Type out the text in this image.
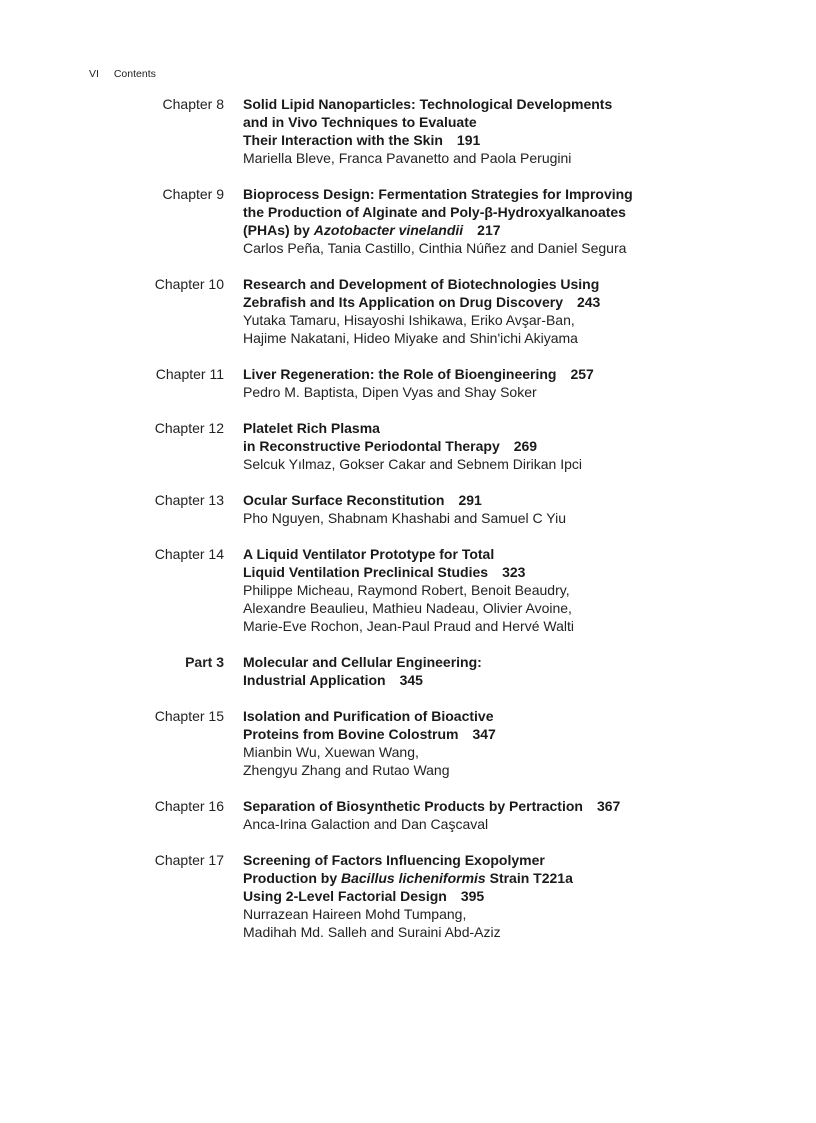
VI Contents
Chapter 8	Solid Lipid Nanoparticles: Technological Developments
and in Vivo Techniques to Evaluate
Their Interaction with the Skin 191
Mariella Bleve, Franca Pavanetto and Paola Perugini
Chapter 9	Bioprocess Design: Fermentation Strategies for Improving
the Production of Alginate and Poly-β-Hydroxyalkanoates
(PHAs) by Azotobacter vinelandii 217
Carlos Peña, Tania Castillo, Cinthia Núñez and Daniel Segura
Chapter 10	Research and Development of Biotechnologies Using
Zebrafish and Its Application on Drug Discovery 243
Yutaka Tamaru, Hisayoshi Ishikawa, Eriko Avşar-Ban,
Hajime Nakatani, Hideo Miyake and Shin'ichi Akiyama
Chapter 11	Liver Regeneration: the Role of Bioengineering 257
Pedro M. Baptista, Dipen Vyas and Shay Soker
Chapter 12	Platelet Rich Plasma
in Reconstructive Periodontal Therapy 269
Selcuk Yılmaz, Gokser Cakar and Sebnem Dirikan Ipci
Chapter 13	Ocular Surface Reconstitution 291
Pho Nguyen, Shabnam Khashabi and Samuel C Yiu
Chapter 14	A Liquid Ventilator Prototype for Total
Liquid Ventilation Preclinical Studies 323
Philippe Micheau, Raymond Robert, Benoit Beaudry,
Alexandre Beaulieu, Mathieu Nadeau, Olivier Avoine,
Marie-Eve Rochon, Jean-Paul Praud and Hervé Walti
Part 3	Molecular and Cellular Engineering:
Industrial Application 345
Chapter 15	Isolation and Purification of Bioactive
Proteins from Bovine Colostrum 347
Mianbin Wu, Xuewan Wang,
Zhengyu Zhang and Rutao Wang
Chapter 16	Separation of Biosynthetic Products by Pertraction 367
Anca-Irina Galaction and Dan Caşcaval
Chapter 17	Screening of Factors Influencing Exopolymer
Production by Bacillus licheniformis Strain T221a
Using 2-Level Factorial Design 395
Nurrazean Haireen Mohd Tumpang,
Madihah Md. Salleh and Suraini Abd-Aziz
